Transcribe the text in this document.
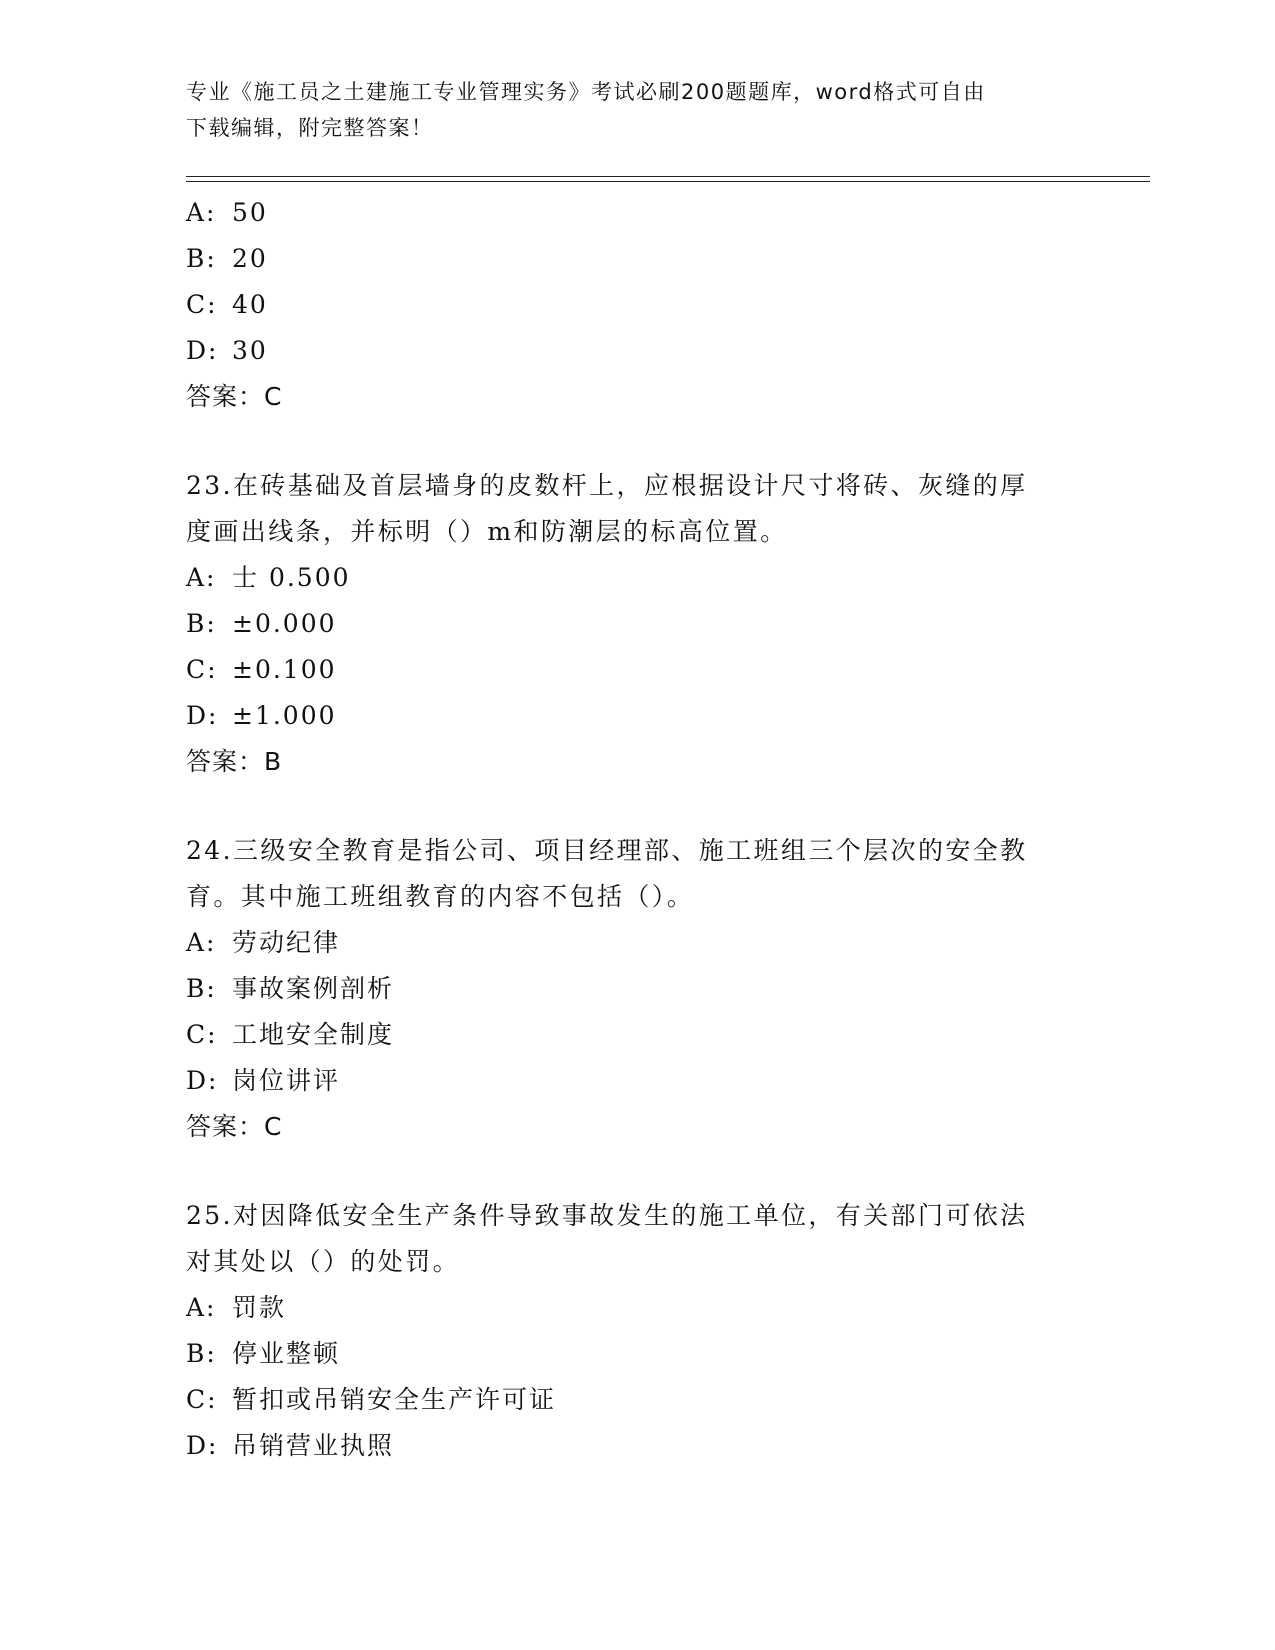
专业《施工员之土建施工专业管理实务》考试必刷200题题库，word格式可自由
下载编辑，附完整答案！
A: 50
B: 20
C: 40
D: 30
答案：C
23.在砖基础及首层墙身的皮数杆上，应根据设计尺寸将砖、灰缝的厚
度画出线条，并标明（）m和防潮层的标高位置。
A: 士 0.500
B: ±0.000
C: ±0.100
D: ±1.000
答案：B
24.三级安全教育是指公司、项目经理部、施工班组三个层次的安全教
育。其中施工班组教育的内容不包括（）。
A: 劳动纪律
B: 事故案例剖析
C: 工地安全制度
D: 岗位讲评
答案：C
25.对因降低安全生产条件导致事故发生的施工单位，有关部门可依法
对其处以（）的处罚。
A: 罚款
B: 停业整顿
C: 暂扣或吊销安全生产许可证
D: 吊销营业执照
